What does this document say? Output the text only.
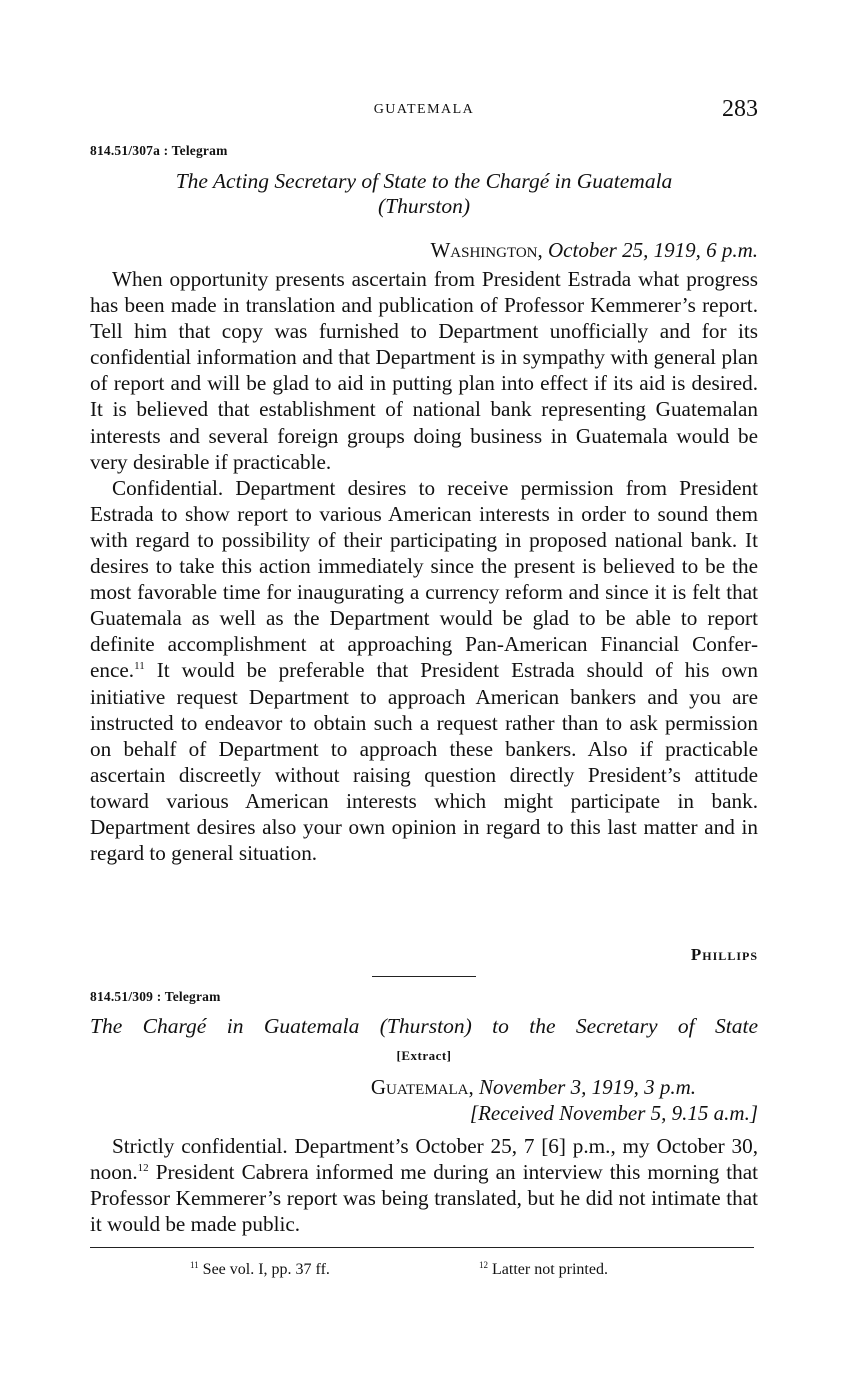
GUATEMALA	283
814.51/307a : Telegram
The Acting Secretary of State to the Chargé in Guatemala
(Thurston)
Washington, October 25, 1919, 6 p.m.

When opportunity presents ascertain from President Estrada what progress has been made in translation and publication of Professor Kemmerer’s report. Tell him that copy was furnished to Department unofficially and for its confidential information and that Department is in sympathy with general plan of report and will be glad to aid in putting plan into effect if its aid is desired. It is believed that establishment of national bank representing Guatemalan interests and several foreign groups doing business in Guatemala would be very desirable if practicable.

Confidential. Department desires to receive permission from President Estrada to show report to various American interests in order to sound them with regard to possibility of their participating in proposed national bank. It desires to take this action immediately since the present is believed to be the most favorable time for inaugurating a currency reform and since it is felt that Guatemala as well as the Department would be glad to be able to report definite accomplishment at approaching Pan-American Financial Conference.$^{11}$ It would be preferable that President Estrada should of his own initiative request Department to approach American bankers and you are instructed to endeavor to obtain such a request rather than to ask permission on behalf of Department to approach these bankers. Also if practicable ascertain discreetly without raising question directly President’s attitude toward various American interests which might participate in bank. Department desires also your own opinion in regard to this last matter and in regard to general situation.

Phillips
814.51/309 : Telegram
The Chargé in Guatemala (Thurston) to the Secretary of State
[Extract]
Guatemala, November 3, 1919, 3 p.m.
[Received November 5, 9.15 a.m.]

Strictly confidential. Department’s October 25, 7 [6] p.m., my October 30, noon.$^{12}$ President Cabrera informed me during an interview this morning that Professor Kemmerer’s report was being translated, but he did not intimate that it would be made public.

$^{11}$ See vol. I, pp. 37 ff.	$^{12}$ Latter not printed.
